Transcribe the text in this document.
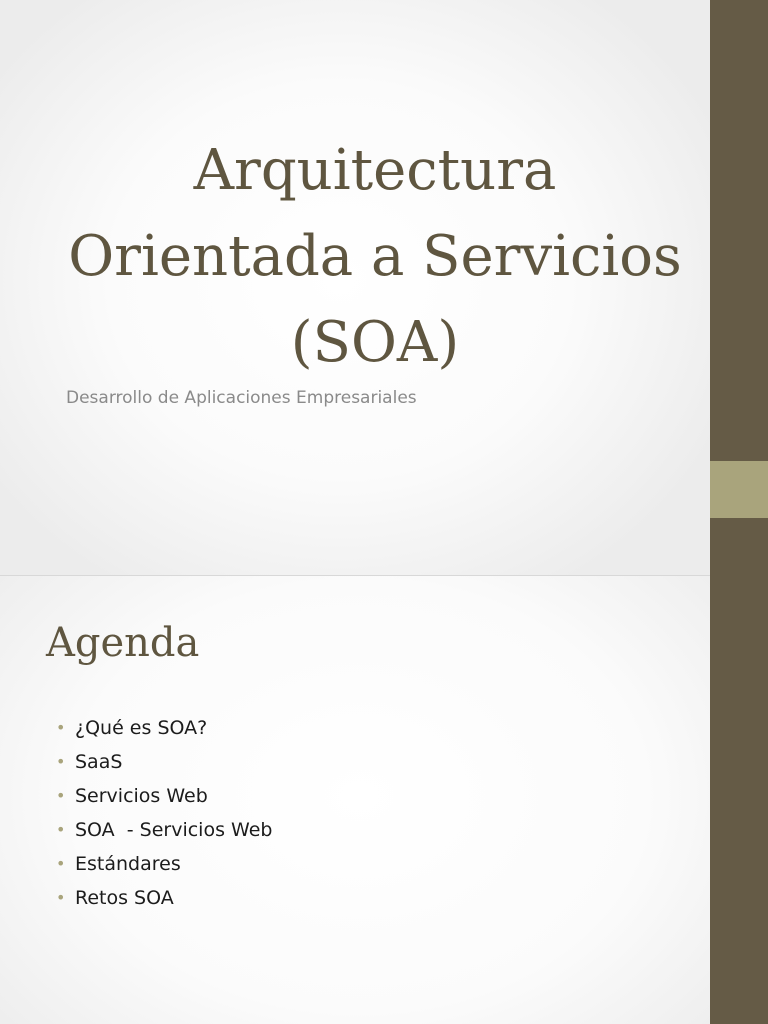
Arquitectura
Orientada a Servicios
(SOA)

Desarrollo de Aplicaciones Empresariales

Agenda
• ¿Qué es SOA?
• SaaS
• Servicios Web
• SOA  - Servicios Web
• Estándares
• Retos SOA
